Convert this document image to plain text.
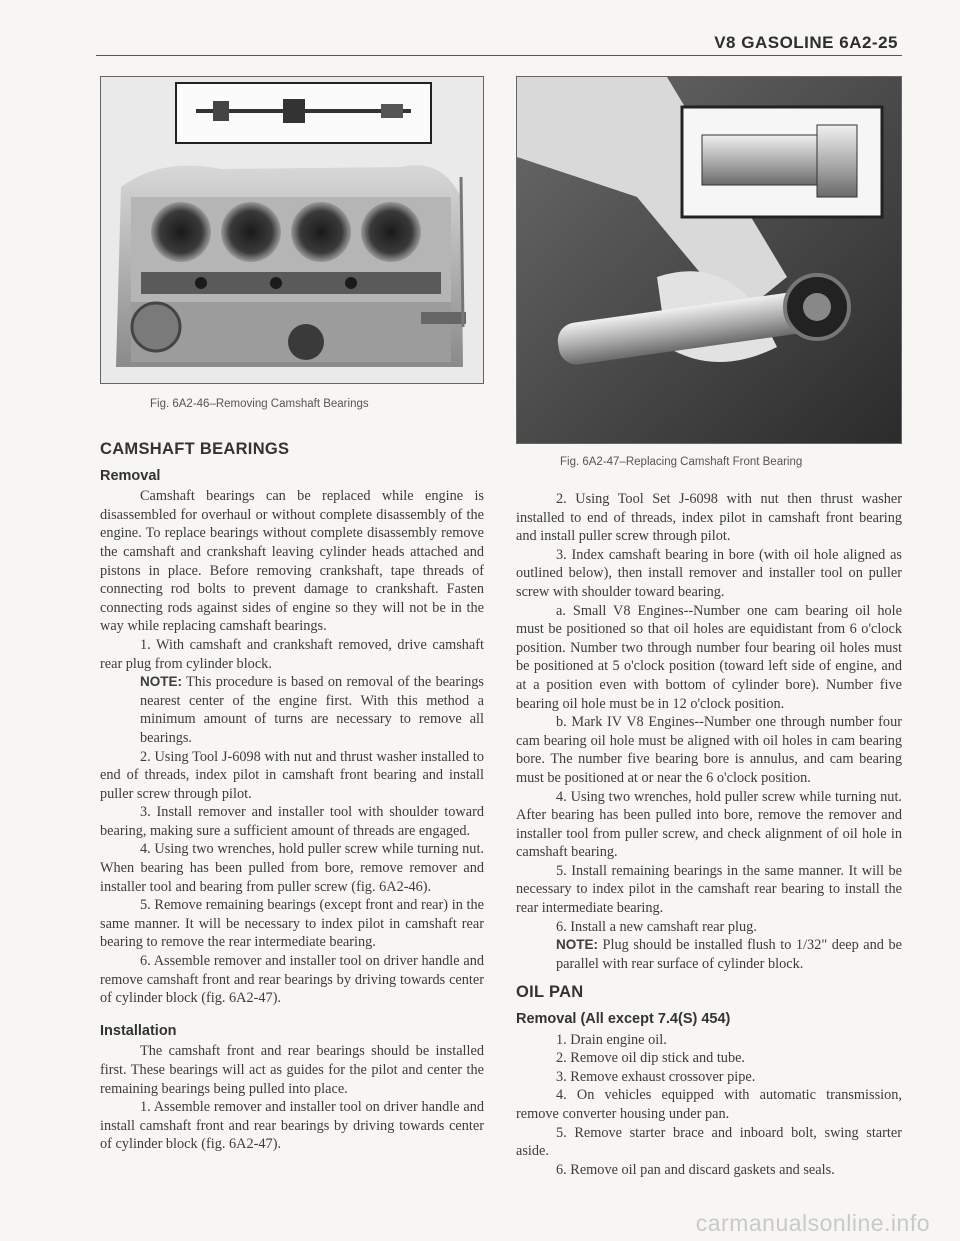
V8 GASOLINE 6A2-25
Fig. 6A2-46–Removing Camshaft Bearings
Fig. 6A2-47–Replacing Camshaft Front Bearing
CAMSHAFT BEARINGS
Removal

Camshaft bearings can be replaced while engine is disassembled for overhaul or without complete disassembly of the engine. To replace bearings without complete disassembly remove the camshaft and crankshaft leaving cylinder heads attached and pistons in place. Before removing crankshaft, tape threads of connecting rod bolts to prevent damage to crankshaft. Fasten connecting rods against sides of engine so they will not be in the way while replacing camshaft bearings.

1. With camshaft and crankshaft removed, drive camshaft rear plug from cylinder block.

NOTE: This procedure is based on removal of the bearings nearest center of the engine first. With this method a minimum amount of turns are necessary to remove all bearings.

2. Using Tool J-6098 with nut and thrust washer installed to end of threads, index pilot in camshaft front bearing and install puller screw through pilot.

3. Install remover and installer tool with shoulder toward bearing, making sure a sufficient amount of threads are engaged.

4. Using two wrenches, hold puller screw while turning nut. When bearing has been pulled from bore, remove remover and installer tool and bearing from puller screw (fig. 6A2-46).

5. Remove remaining bearings (except front and rear) in the same manner. It will be necessary to index pilot in camshaft rear bearing to remove the rear intermediate bearing.

6. Assemble remover and installer tool on driver handle and remove camshaft front and rear bearings by driving towards center of cylinder block (fig. 6A2-47).

Installation

The camshaft front and rear bearings should be installed first. These bearings will act as guides for the pilot and center the remaining bearings being pulled into place.

1. Assemble remover and installer tool on driver handle and install camshaft front and rear bearings by driving towards center of cylinder block (fig. 6A2-47).

2. Using Tool Set J-6098 with nut then thrust washer installed to end of threads, index pilot in camshaft front bearing and install puller screw through pilot.

3. Index camshaft bearing in bore (with oil hole aligned as outlined below), then install remover and installer tool on puller screw with shoulder toward bearing.

a. Small V8 Engines--Number one cam bearing oil hole must be positioned so that oil holes are equidistant from 6 o'clock position. Number two through number four bearing oil holes must be positioned at 5 o'clock position (toward left side of engine, and at a position even with bottom of cylinder bore). Number five bearing oil hole must be in 12 o'clock position.

b. Mark IV V8 Engines--Number one through number four cam bearing oil hole must be aligned with oil holes in cam bearing bore. The number five bearing bore is annulus, and cam bearing must be positioned at or near the 6 o'clock position.

4. Using two wrenches, hold puller screw while turning nut. After bearing has been pulled into bore, remove the remover and installer tool from puller screw, and check alignment of oil hole in camshaft bearing.

5. Install remaining bearings in the same manner. It will be necessary to index pilot in the camshaft rear bearing to install the rear intermediate bearing.

6. Install a new camshaft rear plug.

NOTE: Plug should be installed flush to 1/32" deep and be parallel with rear surface of cylinder block.

OIL PAN
Removal (All except 7.4(S) 454)

1. Drain engine oil.

2. Remove oil dip stick and tube.

3. Remove exhaust crossover pipe.

4. On vehicles equipped with automatic transmission, remove converter housing under pan.

5. Remove starter brace and inboard bolt, swing starter aside.

6. Remove oil pan and discard gaskets and seals.

carmanualsonline.info
